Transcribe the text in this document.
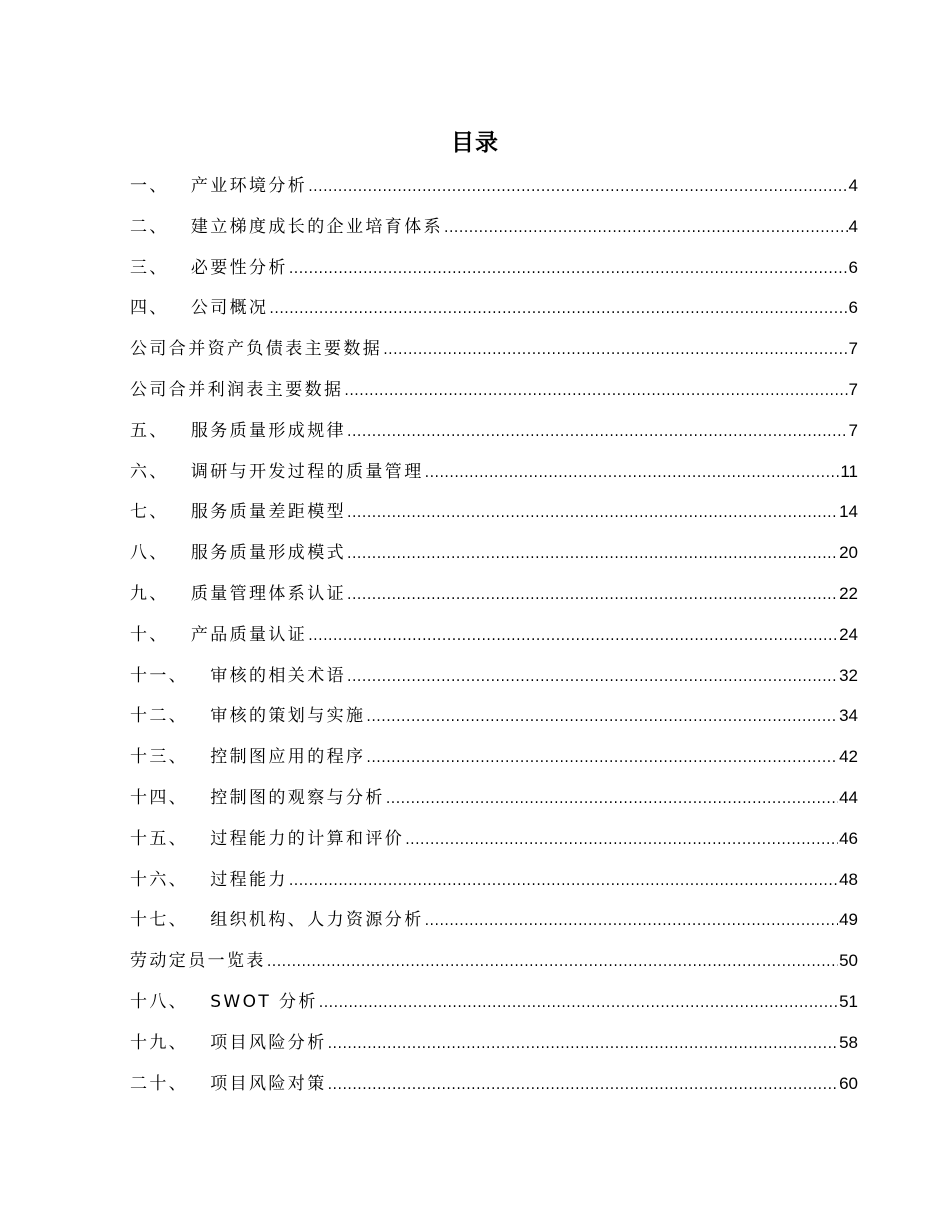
目录
一、	产业环境分析 .....	4
二、	建立梯度成长的企业培育体系 .....	4
三、	必要性分析 .....	6
四、	公司概况 .....	6
公司合并资产负债表主要数据 .....	7
公司合并利润表主要数据 .....	7
五、	服务质量形成规律 .....	7
六、	调研与开发过程的质量管理 .....	11
七、	服务质量差距模型 .....	14
八、	服务质量形成模式 .....	20
九、	质量管理体系认证 .....	22
十、	产品质量认证 .....	24
十一、	审核的相关术语 .....	32
十二、	审核的策划与实施 .....	34
十三、	控制图应用的程序 .....	42
十四、	控制图的观察与分析 .....	44
十五、	过程能力的计算和评价 .....	46
十六、	过程能力 .....	48
十七、	组织机构、人力资源分析 .....	49
劳动定员一览表 .....	50
十八、	SWOT 分析 .....	51
十九、	项目风险分析 .....	58
二十、	项目风险对策 .....	60
